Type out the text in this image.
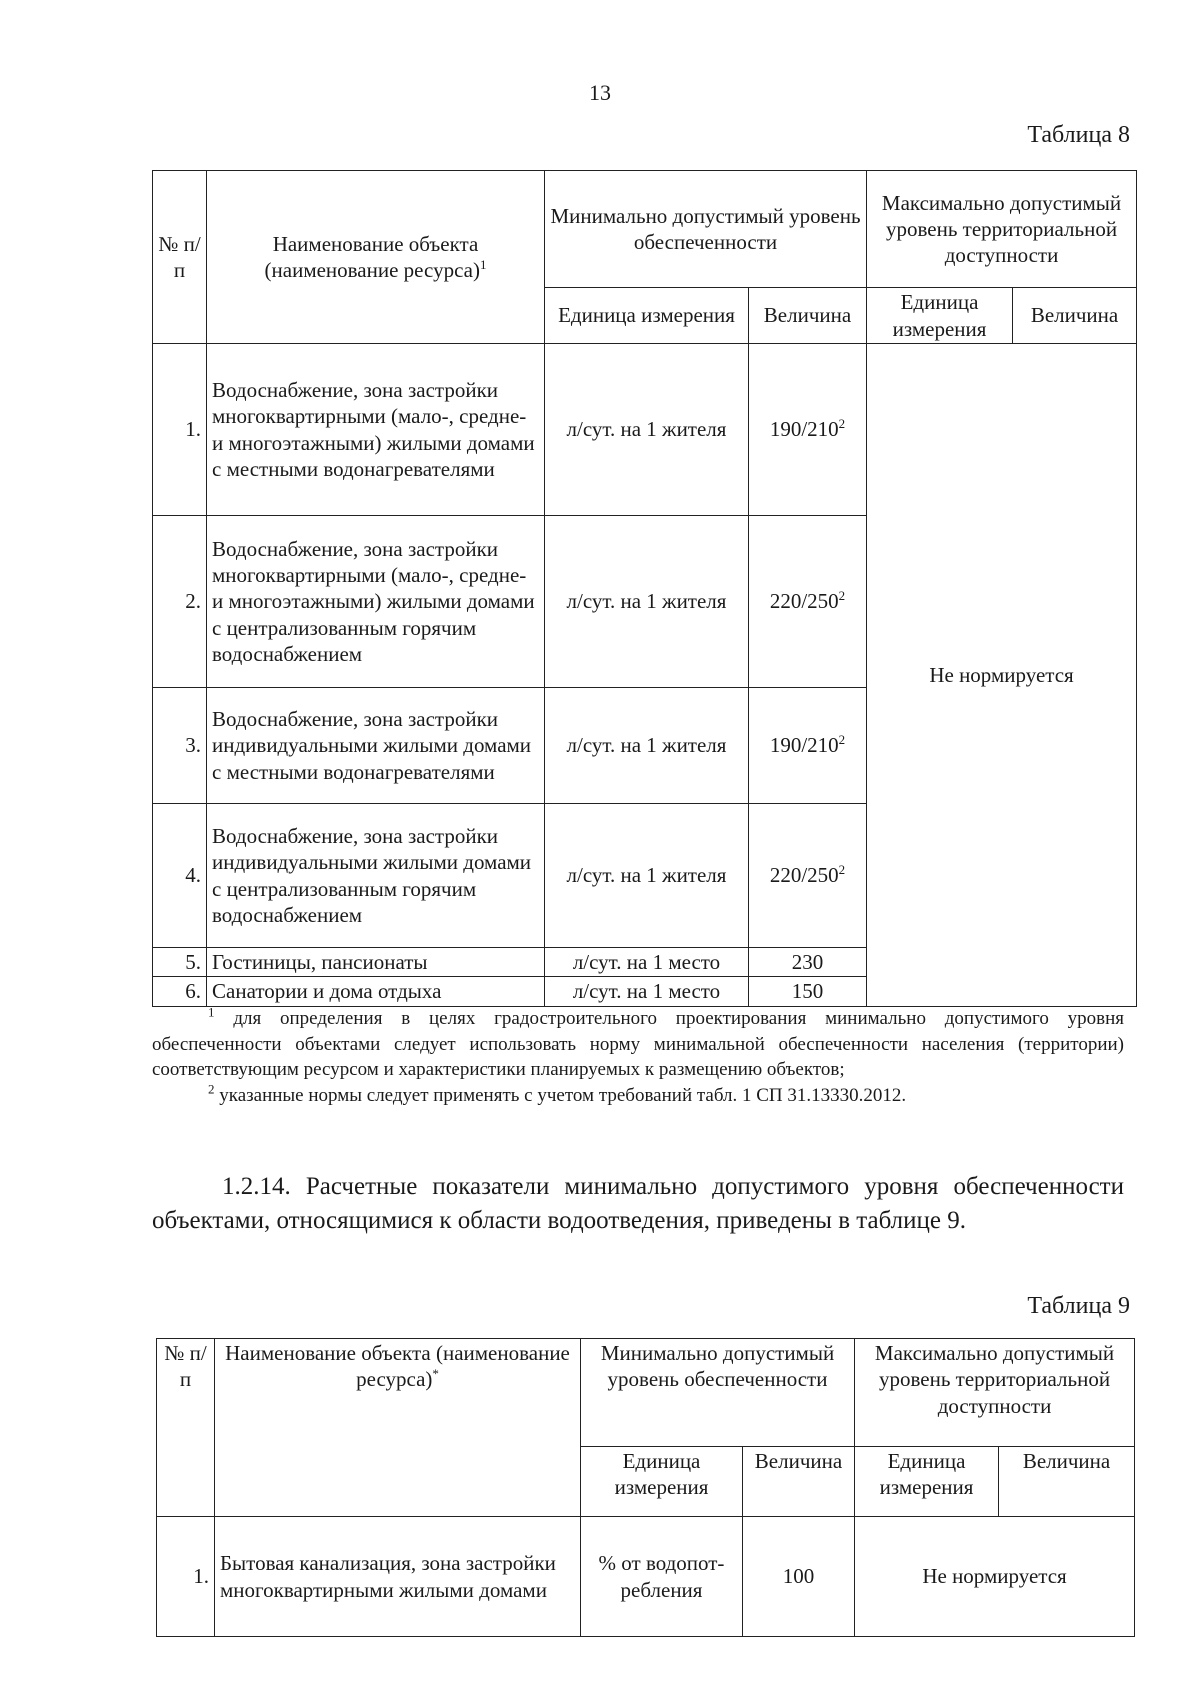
13
Таблица 8
№ п/п	Наименование объекта (наименование ресурса)$^1$	Минимально допустимый уровень обеспеченности		Максимально допустимый уровень территориальной доступности	
		Единица измерения	Величина	Единица измерения	Величина
1.	Водоснабжение, зона застройки многоквартирными (мало-, средне- и многоэтажными) жилыми домами с местными водонагревателями	л/сут. на 1 жителя	$190/210^2$	Не нормируется	
2.	Водоснабжение, зона застройки многоквартирными (мало-, средне- и многоэтажными) жилыми домами с централизованным горячим водоснабжением	л/сут. на 1 жителя	$220/250^2$
3.	Водоснабжение, зона застройки индивидуальными жилыми домами с местными водонагревателями	л/сут. на 1 жителя	$190/210^2$
4.	Водоснабжение, зона застройки индивидуальными жилыми домами с централизованным горячим водоснабжением	л/сут. на 1 жителя	$220/250^2$
5.	Гостиницы, пансионаты	л/сут. на 1 место	230		
6.	Санатории и дома отдыха	л/сут. на 1 место	150		

$^1$ для определения в целях градостроительного проектирования минимально допустимого уровня обеспеченности объектами следует использовать норму минимальной обеспеченности населения (территории) соответствующим ресурсом и характеристики планируемых к размещению объектов;

$^2$ указанные нормы следует применять с учетом требований табл. 1 СП 31.13330.2012.

1.2.14. Расчетные показатели минимально допустимого уровня обеспеченности объектами, относящимися к области водоотведения, приведены в таблице 9.

Таблица 9
№ п/п	Наименование объекта (наименование ресурса)*	Минимально допустимый уровень обеспеченности		Максимально допустимый уровень территориальной доступности	
		Единица измерения	Величина	Единица измерения	Величина
1.	Бытовая канализация, зона застройки многоквартирными жилыми домами	% от водопот-ребления	100	Не нормируется	
